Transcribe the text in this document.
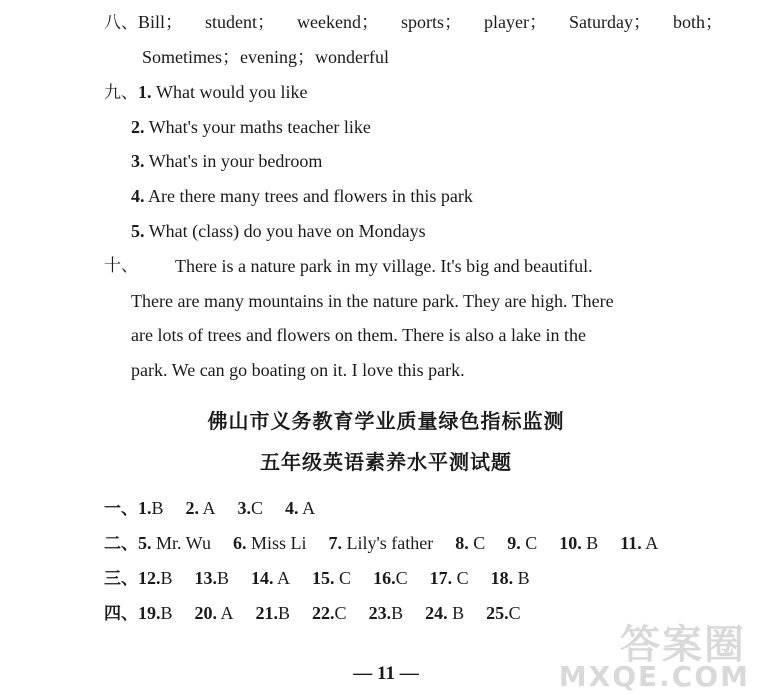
八、Bill； student； weekend； sports； player； Saturday； both；
Sometimes；evening；wonderful
九、1. What would you like
2. What's your maths teacher like
3. What's in your bedroom
4. Are there many trees and flowers in this park
5. What (class) do you have on Mondays
十、 There is a nature park in my village. It's big and beautiful.
There are many mountains in the nature park. They are high. There
are lots of trees and flowers on them. There is also a lake in the
park. We can go boating on it. I love this park.
佛山市义务教育学业质量绿色指标监测
五年级英语素养水平测试题
一、1.B 2. A 3.C 4. A
二、5. Mr. Wu 6. Miss Li 7. Lily's father 8. C 9. C 10. B 11. A
三、12.B 13.B 14. A 15. C 16.C 17. C 18. B
四、19.B 20. A 21.B 22.C 23.B 24. B 25.C
— 11 —
答案圈
MXQE.COM
